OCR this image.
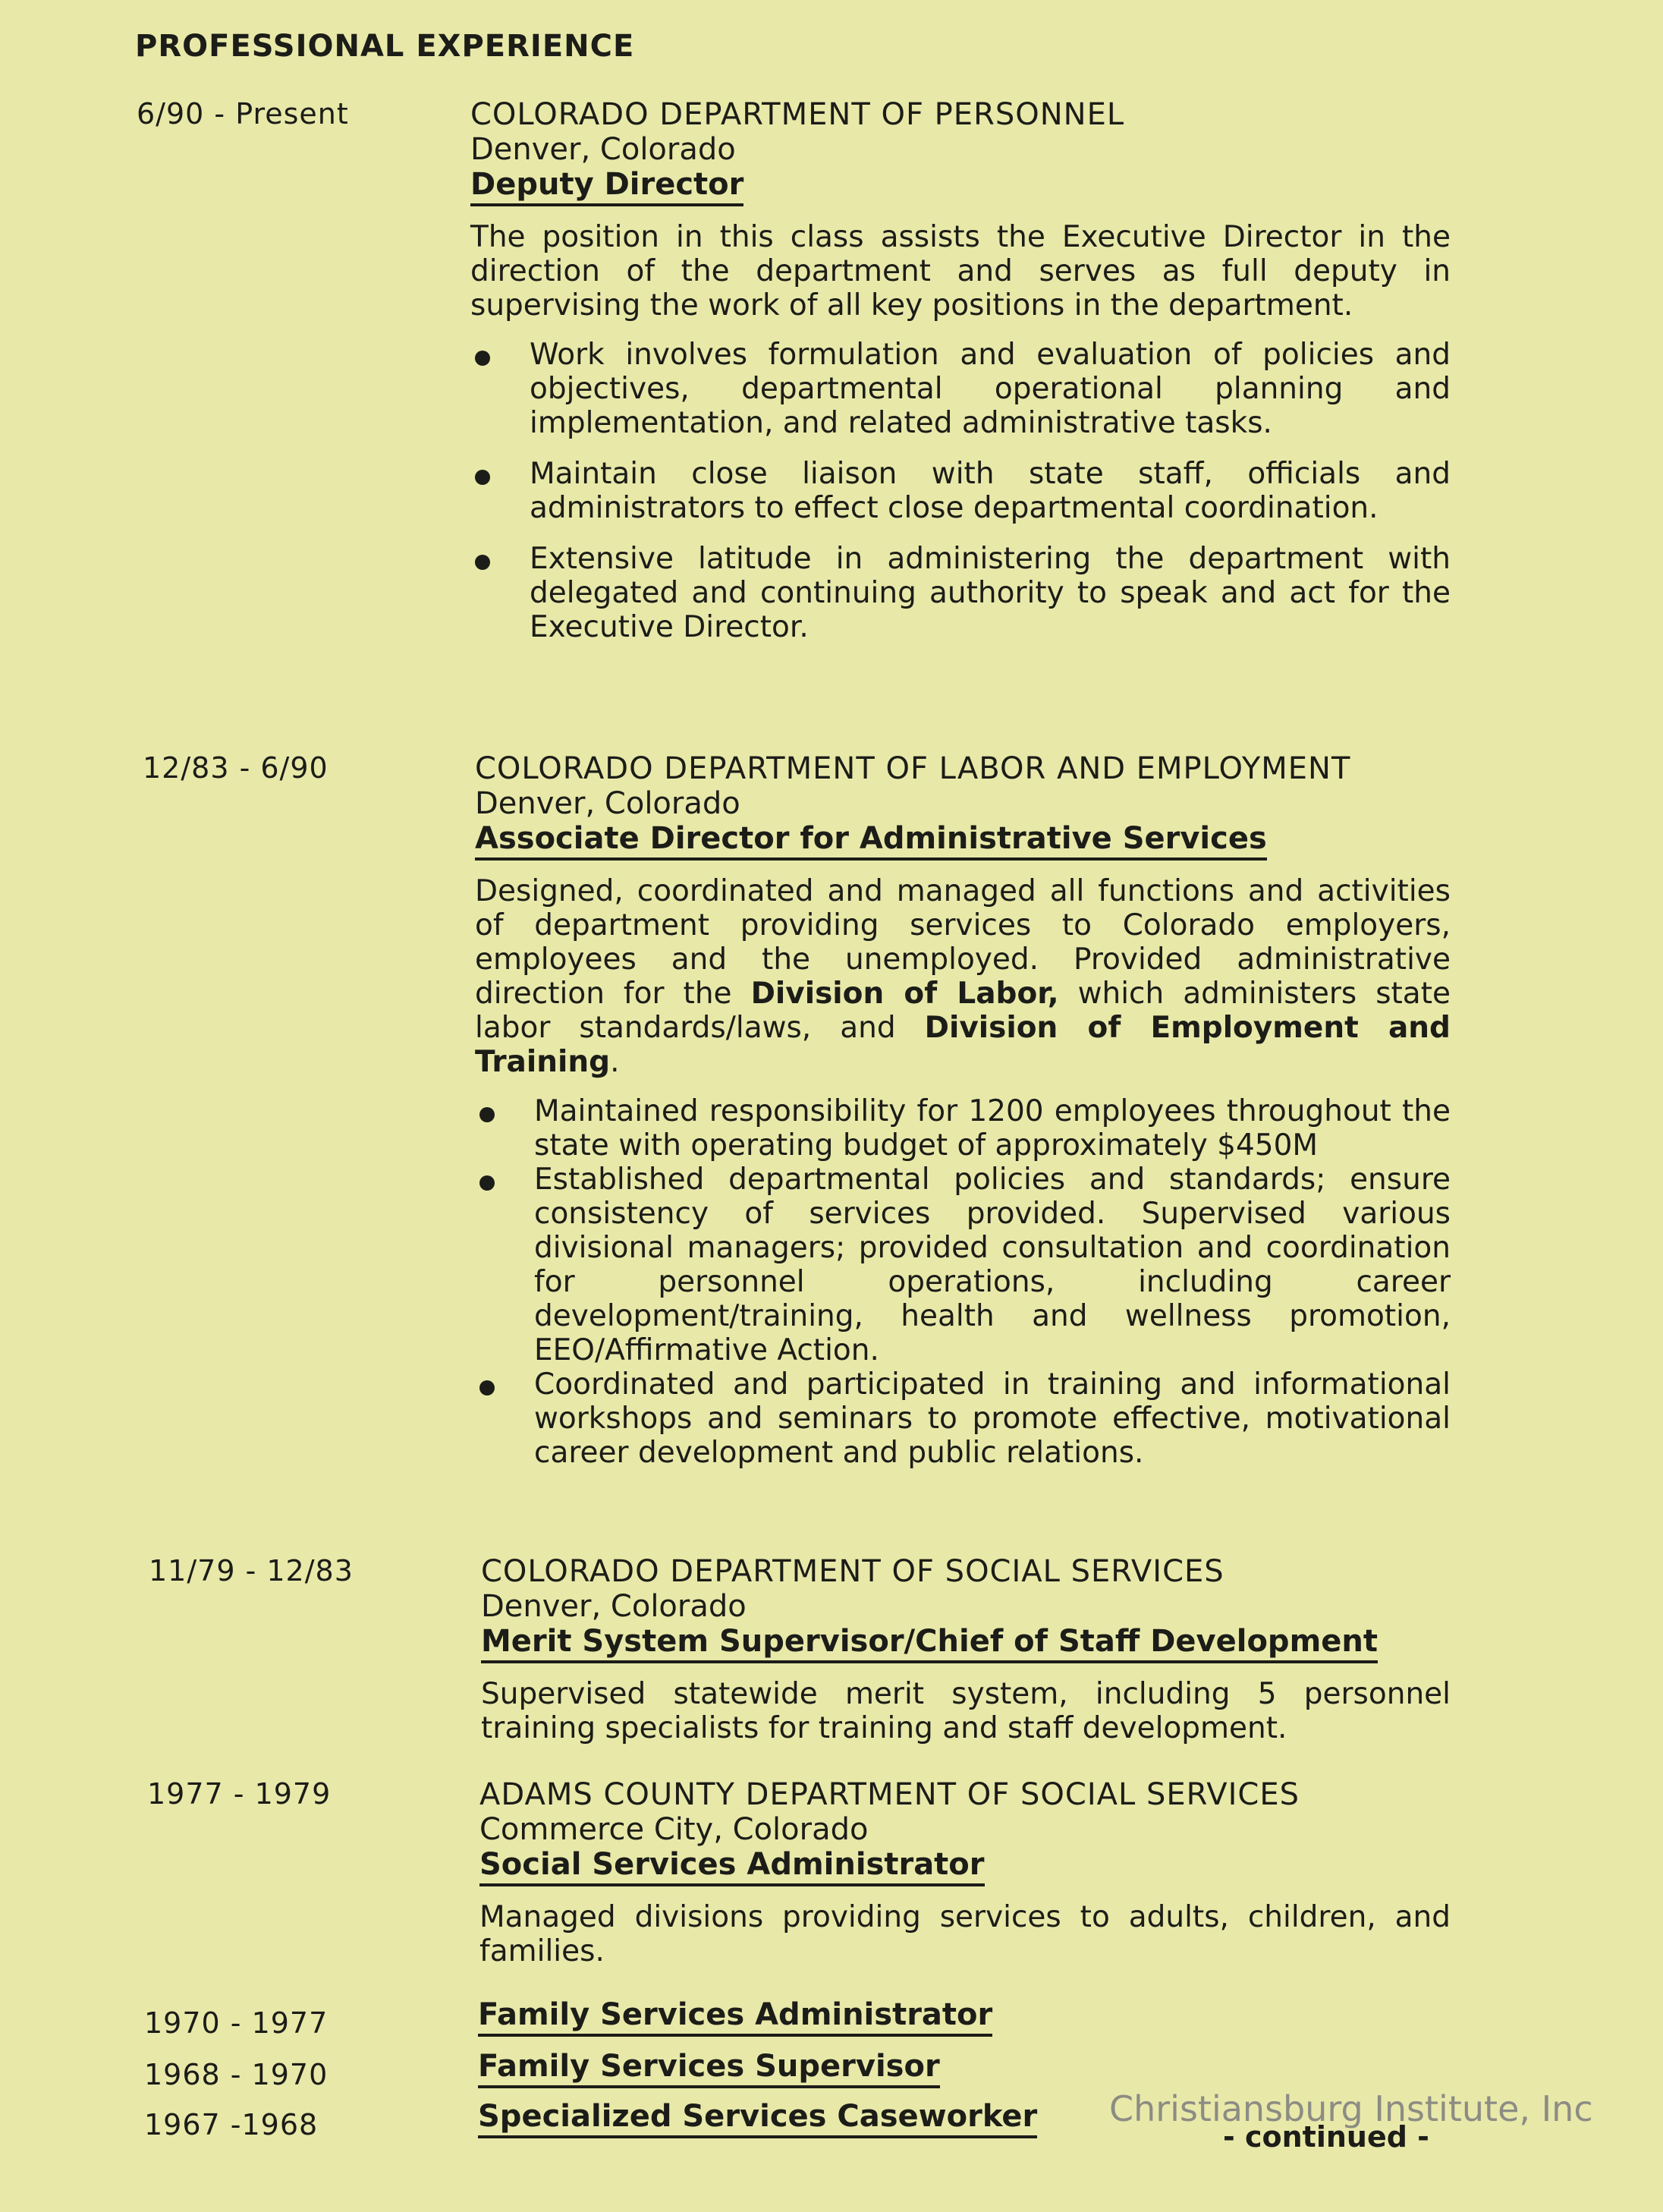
PROFESSIONAL EXPERIENCE
6/90 - Present	COLORADO DEPARTMENT OF PERSONNEL
Denver, Colorado
Deputy Director
The position in this class assists the Executive Director in the direction of the department and serves as full deputy in supervising the work of all key positions in the department.
Work involves formulation and evaluation of policies and objectives, departmental operational planning and implementation, and related administrative tasks.
Maintain close liaison with state staff, officials and administrators to effect close departmental coordination.
Extensive latitude in administering the department with delegated and continuing authority to speak and act for the Executive Director.
12/83 - 6/90	COLORADO DEPARTMENT OF LABOR AND EMPLOYMENT
Denver, Colorado
Associate Director for Administrative Services
Designed, coordinated and managed all functions and activities of department providing services to Colorado employers, employees and the unemployed. Provided administrative direction for the Division of Labor, which administers state labor standards/laws, and Division of Employment and Training.
Maintained responsibility for 1200 employees throughout the state with operating budget of approximately $450M
Established departmental policies and standards; ensure consistency of services provided. Supervised various divisional managers; provided consultation and coordination for personnel operations, including career development/training, health and wellness promotion, EEO/Affirmative Action.
Coordinated and participated in training and informational workshops and seminars to promote effective, motivational career development and public relations.
11/79 - 12/83	COLORADO DEPARTMENT OF SOCIAL SERVICES
Denver, Colorado
Merit System Supervisor/Chief of Staff Development
Supervised statewide merit system, including 5 personnel training specialists for training and staff development.
1977 - 1979	ADAMS COUNTY DEPARTMENT OF SOCIAL SERVICES
Commerce City, Colorado
Social Services Administrator
Managed divisions providing services to adults, children, and families.
1970 - 1977	Family Services Administrator
1968 - 1970	Family Services Supervisor
1967 -1968	Specialized Services Caseworker Christiansburg Institute, Inc
- continued -
